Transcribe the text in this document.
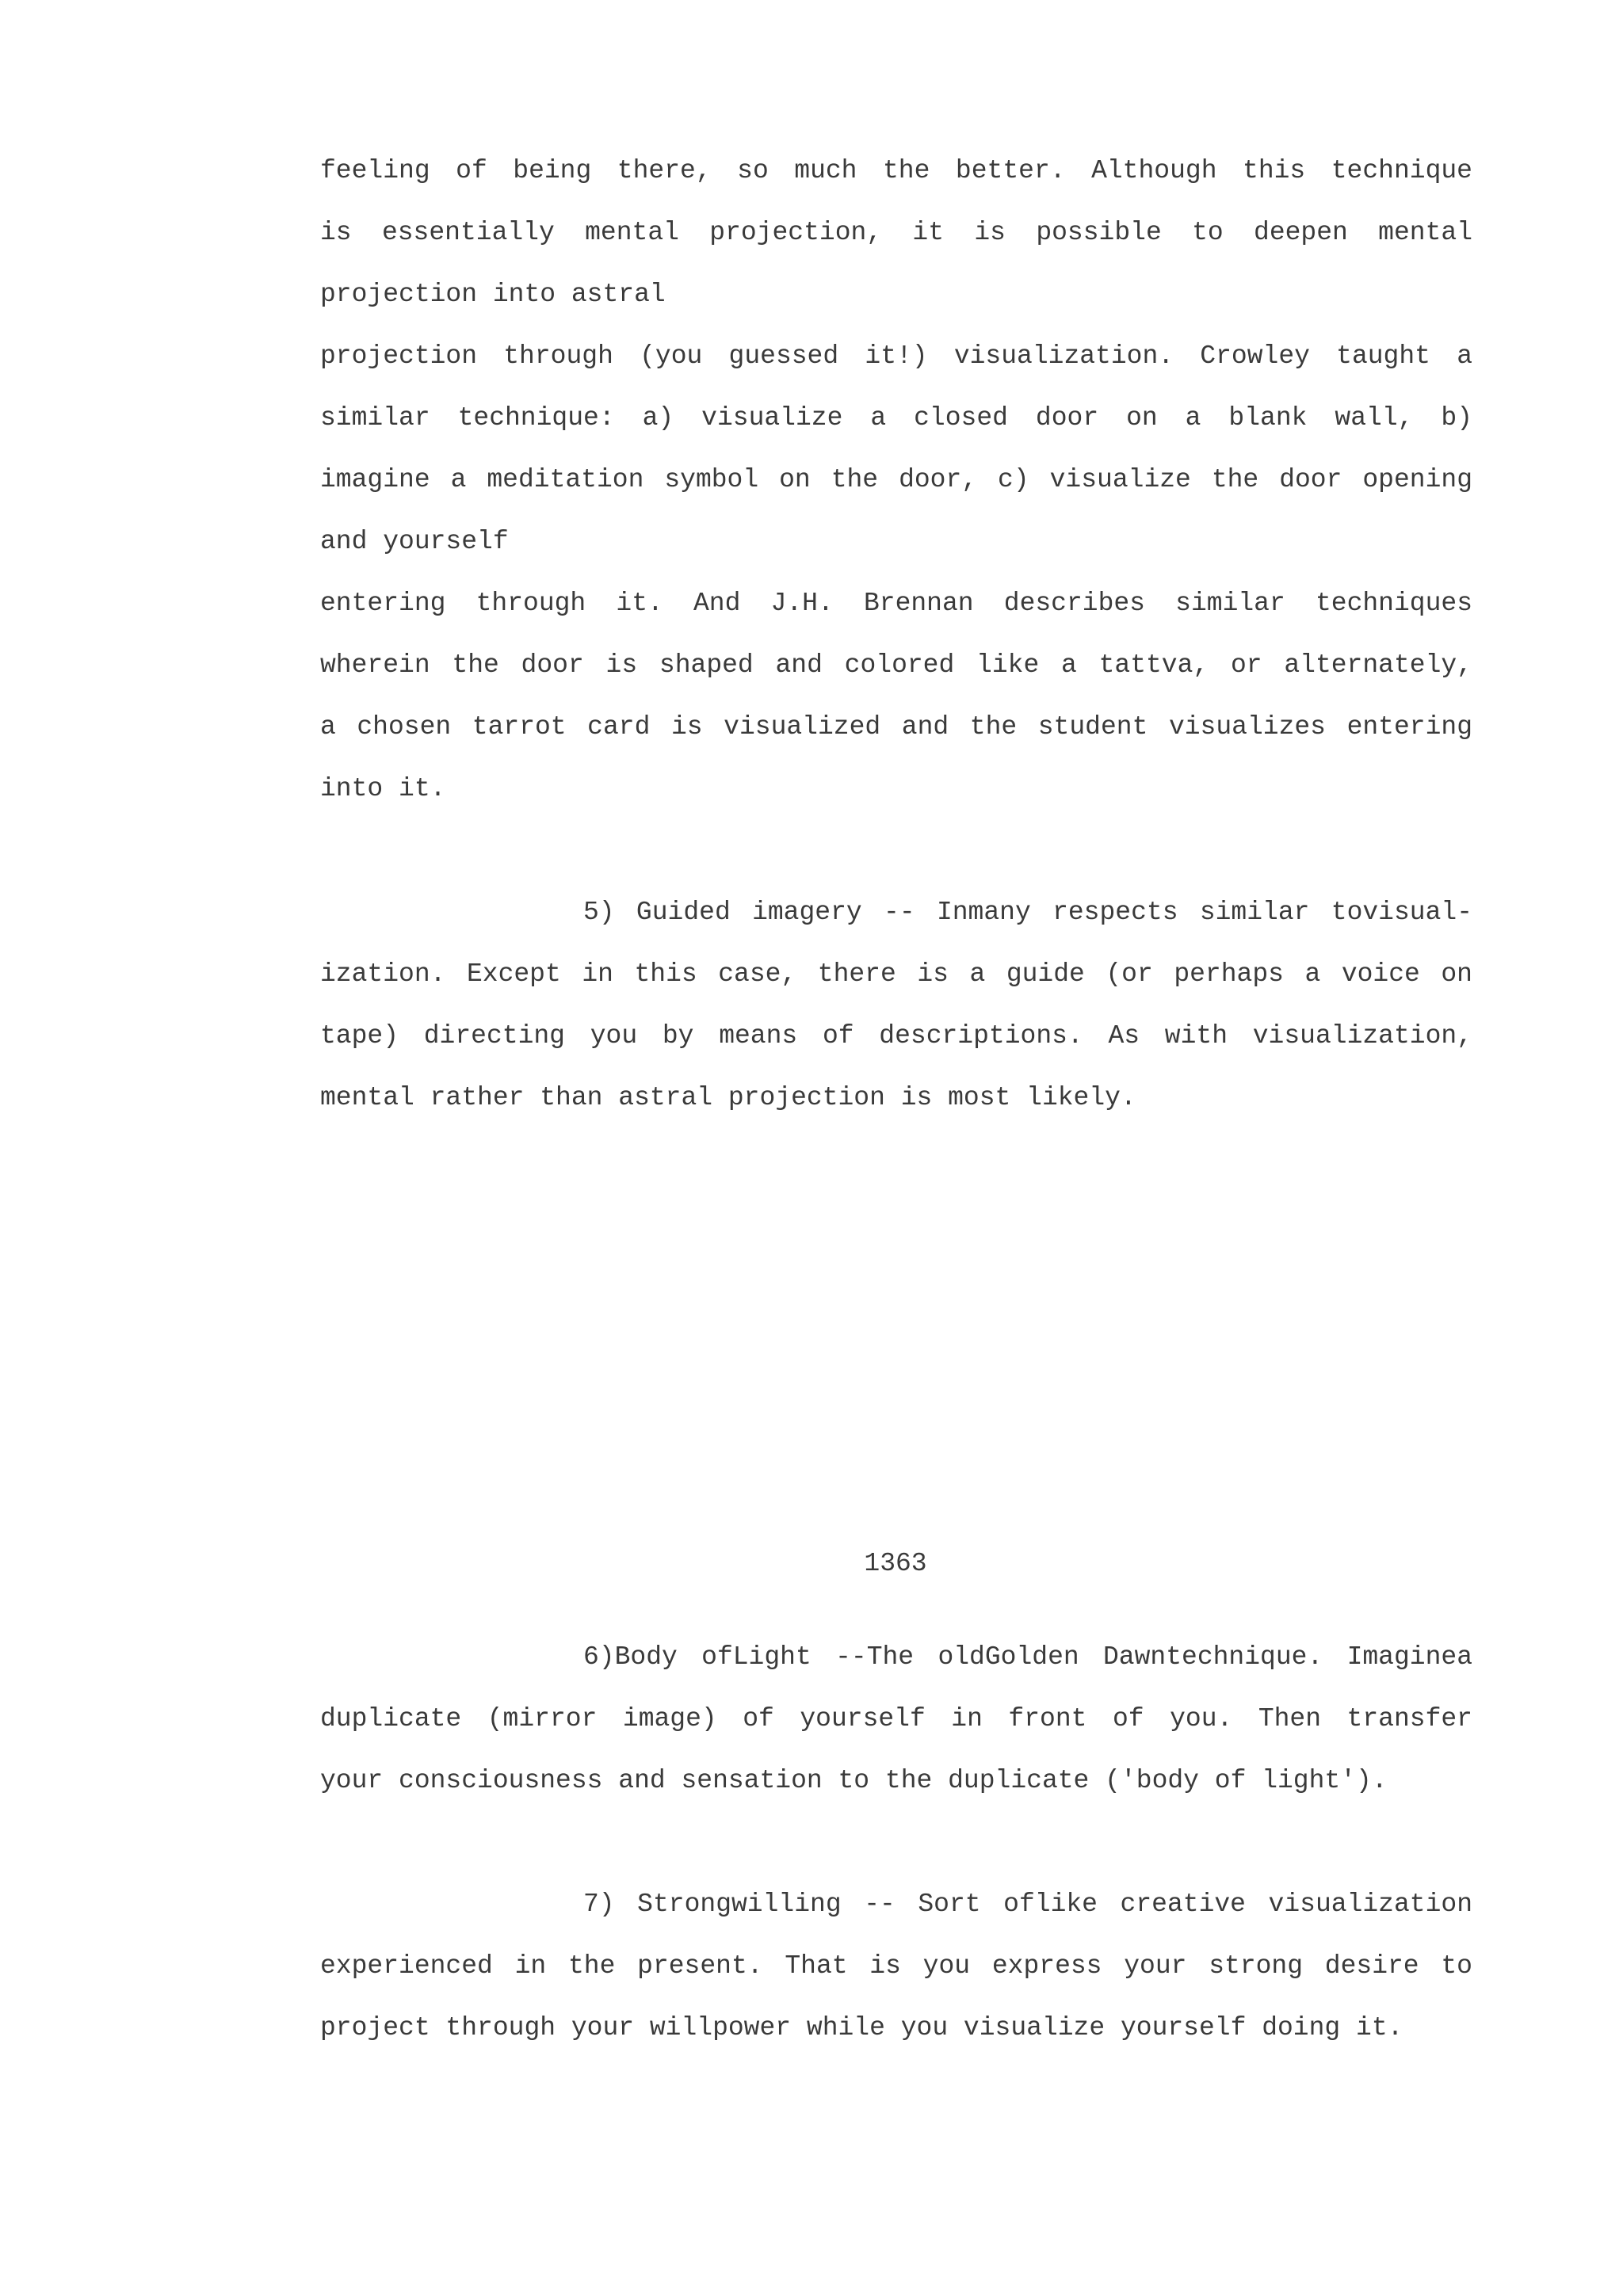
feeling of being there, so much the better. Although this technique

is essentially mental projection, it is possible to deepen mental

projection into astral

projection through (you guessed it!) visualization. Crowley taught a

similar technique: a) visualize a closed door on a blank wall, b)

imagine a meditation symbol on the door, c) visualize the door opening

and yourself

entering through it. And J.H. Brennan describes similar techniques

wherein the door is shaped and colored like a tattva, or alternately,

a chosen tarrot card is visualized and the student visualizes entering

into it.

5) Guided imagery -- Inmany respects similar tovisual-

ization. Except in this case, there is a guide (or perhaps a voice on

tape) directing you by means of descriptions. As with visualization,

mental rather than astral projection is most likely.

1363

6)Body ofLight --The oldGolden Dawntechnique. Imaginea

duplicate (mirror image) of yourself in front of you. Then transfer

your consciousness and sensation to the duplicate ('body of light').

7) Strongwilling -- Sort oflike creative visualization

experienced in the present. That is you express your strong desire to

project through your willpower while you visualize yourself doing it.
